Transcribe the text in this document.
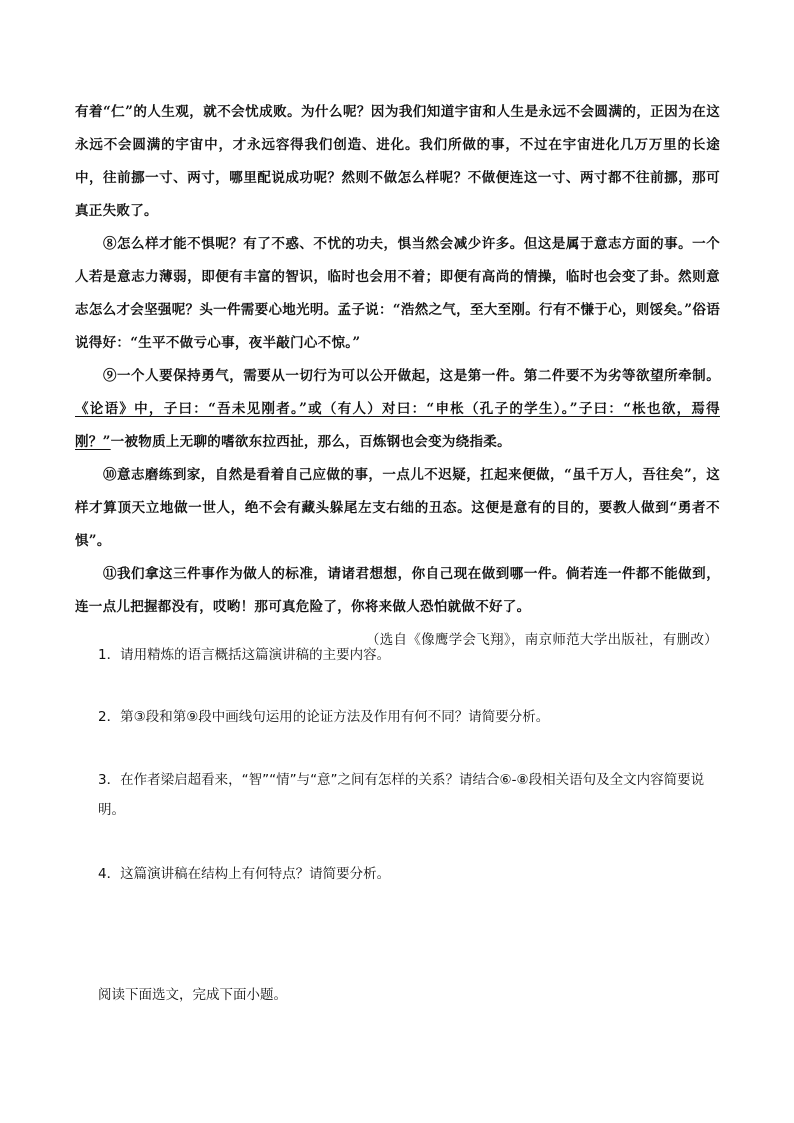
有着“仁”的人生观，就不会忧成败。为什么呢？因为我们知道宇宙和人生是永远不会圆满的，正因为在这永远不会圆满的宇宙中，才永远容得我们创造、进化。我们所做的事，不过在宇宙进化几万万里的长途中，往前挪一寸、两寸，哪里配说成功呢？然则不做怎么样呢？不做便连这一寸、两寸都不往前挪，那可真正失败了。

⑧怎么样才能不惧呢？有了不惑、不忧的功夫，惧当然会减少许多。但这是属于意志方面的事。一个人若是意志力薄弱，即便有丰富的智识，临时也会用不着；即便有高尚的情操，临时也会变了卦。然则意志怎么才会坚强呢？头一件需要心地光明。孟子说：“浩然之气，至大至刚。行有不慊于心，则馁矣。”俗语说得好：“生平不做亏心事，夜半敲门心不惊。”

⑨一个人要保持勇气，需要从一切行为可以公开做起，这是第一件。第二件要不为劣等欲望所牵制。《论语》中，子曰：“吾未见刚者。”或（有人）对曰：“申枨（孔子的学生）。”子曰：“枨也欲，焉得刚？”一被物质上无聊的嗜欲东拉西扯，那么，百炼钢也会变为绕指柔。

⑩意志磨练到家，自然是看着自己应做的事，一点儿不迟疑，扛起来便做，“虽千万人，吾往矣”，这样才算顶天立地做一世人，绝不会有藏头躲尾左支右绌的丑态。这便是意有的目的，要教人做到“勇者不惧”。

⑪我们拿这三件事作为做人的标准，请诸君想想，你自己现在做到哪一件。倘若连一件都不能做到，连一点儿把握都没有，哎哟！那可真危险了，你将来做人恐怕就做不好了。

（选自《像鹰学会飞翔》，南京师范大学出版社，有删改）

1．请用精炼的语言概括这篇演讲稿的主要内容。
2．第③段和第⑨段中画线句运用的论证方法及作用有何不同？请简要分析。
3．在作者梁启超看来，“智”“情”与“意”之间有怎样的关系？请结合⑥-⑧段相关语句及全文内容简要说明。
4．这篇演讲稿在结构上有何特点？请简要分析。
阅读下面选文，完成下面小题。
